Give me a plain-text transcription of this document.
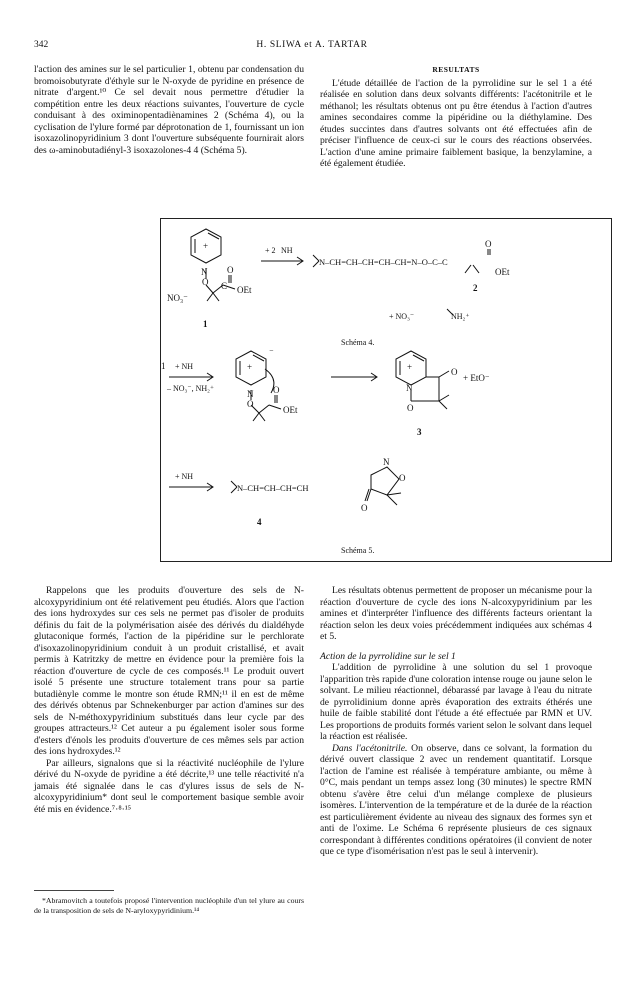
342	H. SLIWA et A. TARTAR

l'action des amines sur le sel particulier 1, obtenu par condensation du bromoisobutyrate d'éthyle sur le N-oxyde de pyridine en présence de nitrate d'argent.¹⁰ Ce sel devait nous permettre d'étudier la compétition entre les deux réactions suivantes, l'ouverture de cycle conduisant à des oximinopentadiènamines 2 (Schéma 4), ou la cyclisation de l'ylure formé par déprotonation de 1, fournissant un ion isoxazolinopyridinium 3 dont l'ouverture subséquente fournirait alors des ω-aminobutadiényl-3 isoxazolones-4 4 (Schéma 5).

RESULTATS

L'étude détaillée de l'action de la pyrrolidine sur le sel 1 a été réalisée en solution dans deux solvants différents: l'acétonitrile et le méthanol; les résultats obtenus ont pu être étendus à l'action d'autres amines secondaires comme la pipéridine ou la diéthylamine. Des études succintes dans d'autres solvants ont été effectuées afin de préciser l'influence de ceux-ci sur le cours des réactions observées. L'action d'une amine primaire faiblement basique, la benzylamine, a été également étudiée.

+
N
O
O
C OEt
NO₃⁻
1
+ 2 NH
N–CH=CH–CH=CH–CH=N–O–C–C
O
OEt
2
+ NO₃⁻	NH₂⁺
Schéma 4.
1 + NH
– NO₃⁻, NH₂⁺
+
⁻
N
O
O
OEt
+
N
O
O
+ EtO⁻
3
+ NH
N–CH=CH–CH=CH
N
O
O
4
Schéma 5.

Rappelons que les produits d'ouverture des sels de N-alcoxypyridinium ont été relativement peu étudiés. Alors que l'action des ions hydroxydes sur ces sels ne permet pas d'isoler de produits définis du fait de la polymérisation aisée des dérivés du dialdéhyde glutaconique formés, l'action de la pipéridine sur le perchlorate d'isoxazolinopyridinium conduit à un produit cristallisé, et avait permis à Katritzky de mettre en évidence pour la première fois la réaction d'ouverture de cycle de ces composés.¹¹ Le produit ouvert isolé 5 présente une structure totalement trans pour sa partie butadiènyle comme le montre son étude RMN;¹¹ il en est de même des dérivés obtenus par Schnekenburger par action d'amines sur des sels de N-méthoxypyridinium substitués dans leur cycle par des groupes attracteurs.¹² Cet auteur a pu également isoler sous forme d'esters d'énols les produits d'ouverture de ces mêmes sels par action des ions hydroxydes.¹²

Par ailleurs, signalons que si la réactivité nucléophile de l'ylure dérivé du N-oxyde de pyridine a été décrite,¹³ une telle réactivité n'a jamais été signalée dans le cas d'ylures issus de sels de N-alcoxypyridinium* dont seul le comportement basique semble avoir été mis en évidence.⁷·⁸·¹⁵

*Abramovitch a toutefois proposé l'intervention nucléophile d'un tel ylure au cours de la transposition de sels de N-aryloxypyridinium.¹⁴

Les résultats obtenus permettent de proposer un mécanisme pour la réaction d'ouverture de cycle des ions N-alcoxypyridinium par les amines et d'interpréter l'influence des différents facteurs orientant la réaction selon les deux voies précédemment indiquées aux schémas 4 et 5.

Action de la pyrrolidine sur le sel 1

L'addition de pyrrolidine à une solution du sel 1 provoque l'apparition très rapide d'une coloration intense rouge ou jaune selon le solvant. Le milieu réactionnel, débarassé par lavage à l'eau du nitrate de pyrrolidinium donne après évaporation des extraits éthérés une huile de faible stabilité dont l'étude a été effectuée par RMN et UV. Les proportions de produits formés varient selon le solvant dans lequel la réaction est réalisée.

Dans l'acétonitrile. On observe, dans ce solvant, la formation du dérivé ouvert classique 2 avec un rendement quantitatif. Lorsque l'action de l'amine est réalisée à température ambiante, ou même à 0°C, mais pendant un temps assez long (30 minutes) le spectre RMN obtenu s'avère être celui d'un mélange complexe de plusieurs isomères. L'intervention de la température et de la durée de la réaction est particulièrement évidente au niveau des signaux des formes syn et anti de l'oxime. Le Schéma 6 représente plusieurs de ces signaux correspondant à différentes conditions opératoires (il convient de noter que ce type d'isomérisation n'est pas le seul à intervenir).
